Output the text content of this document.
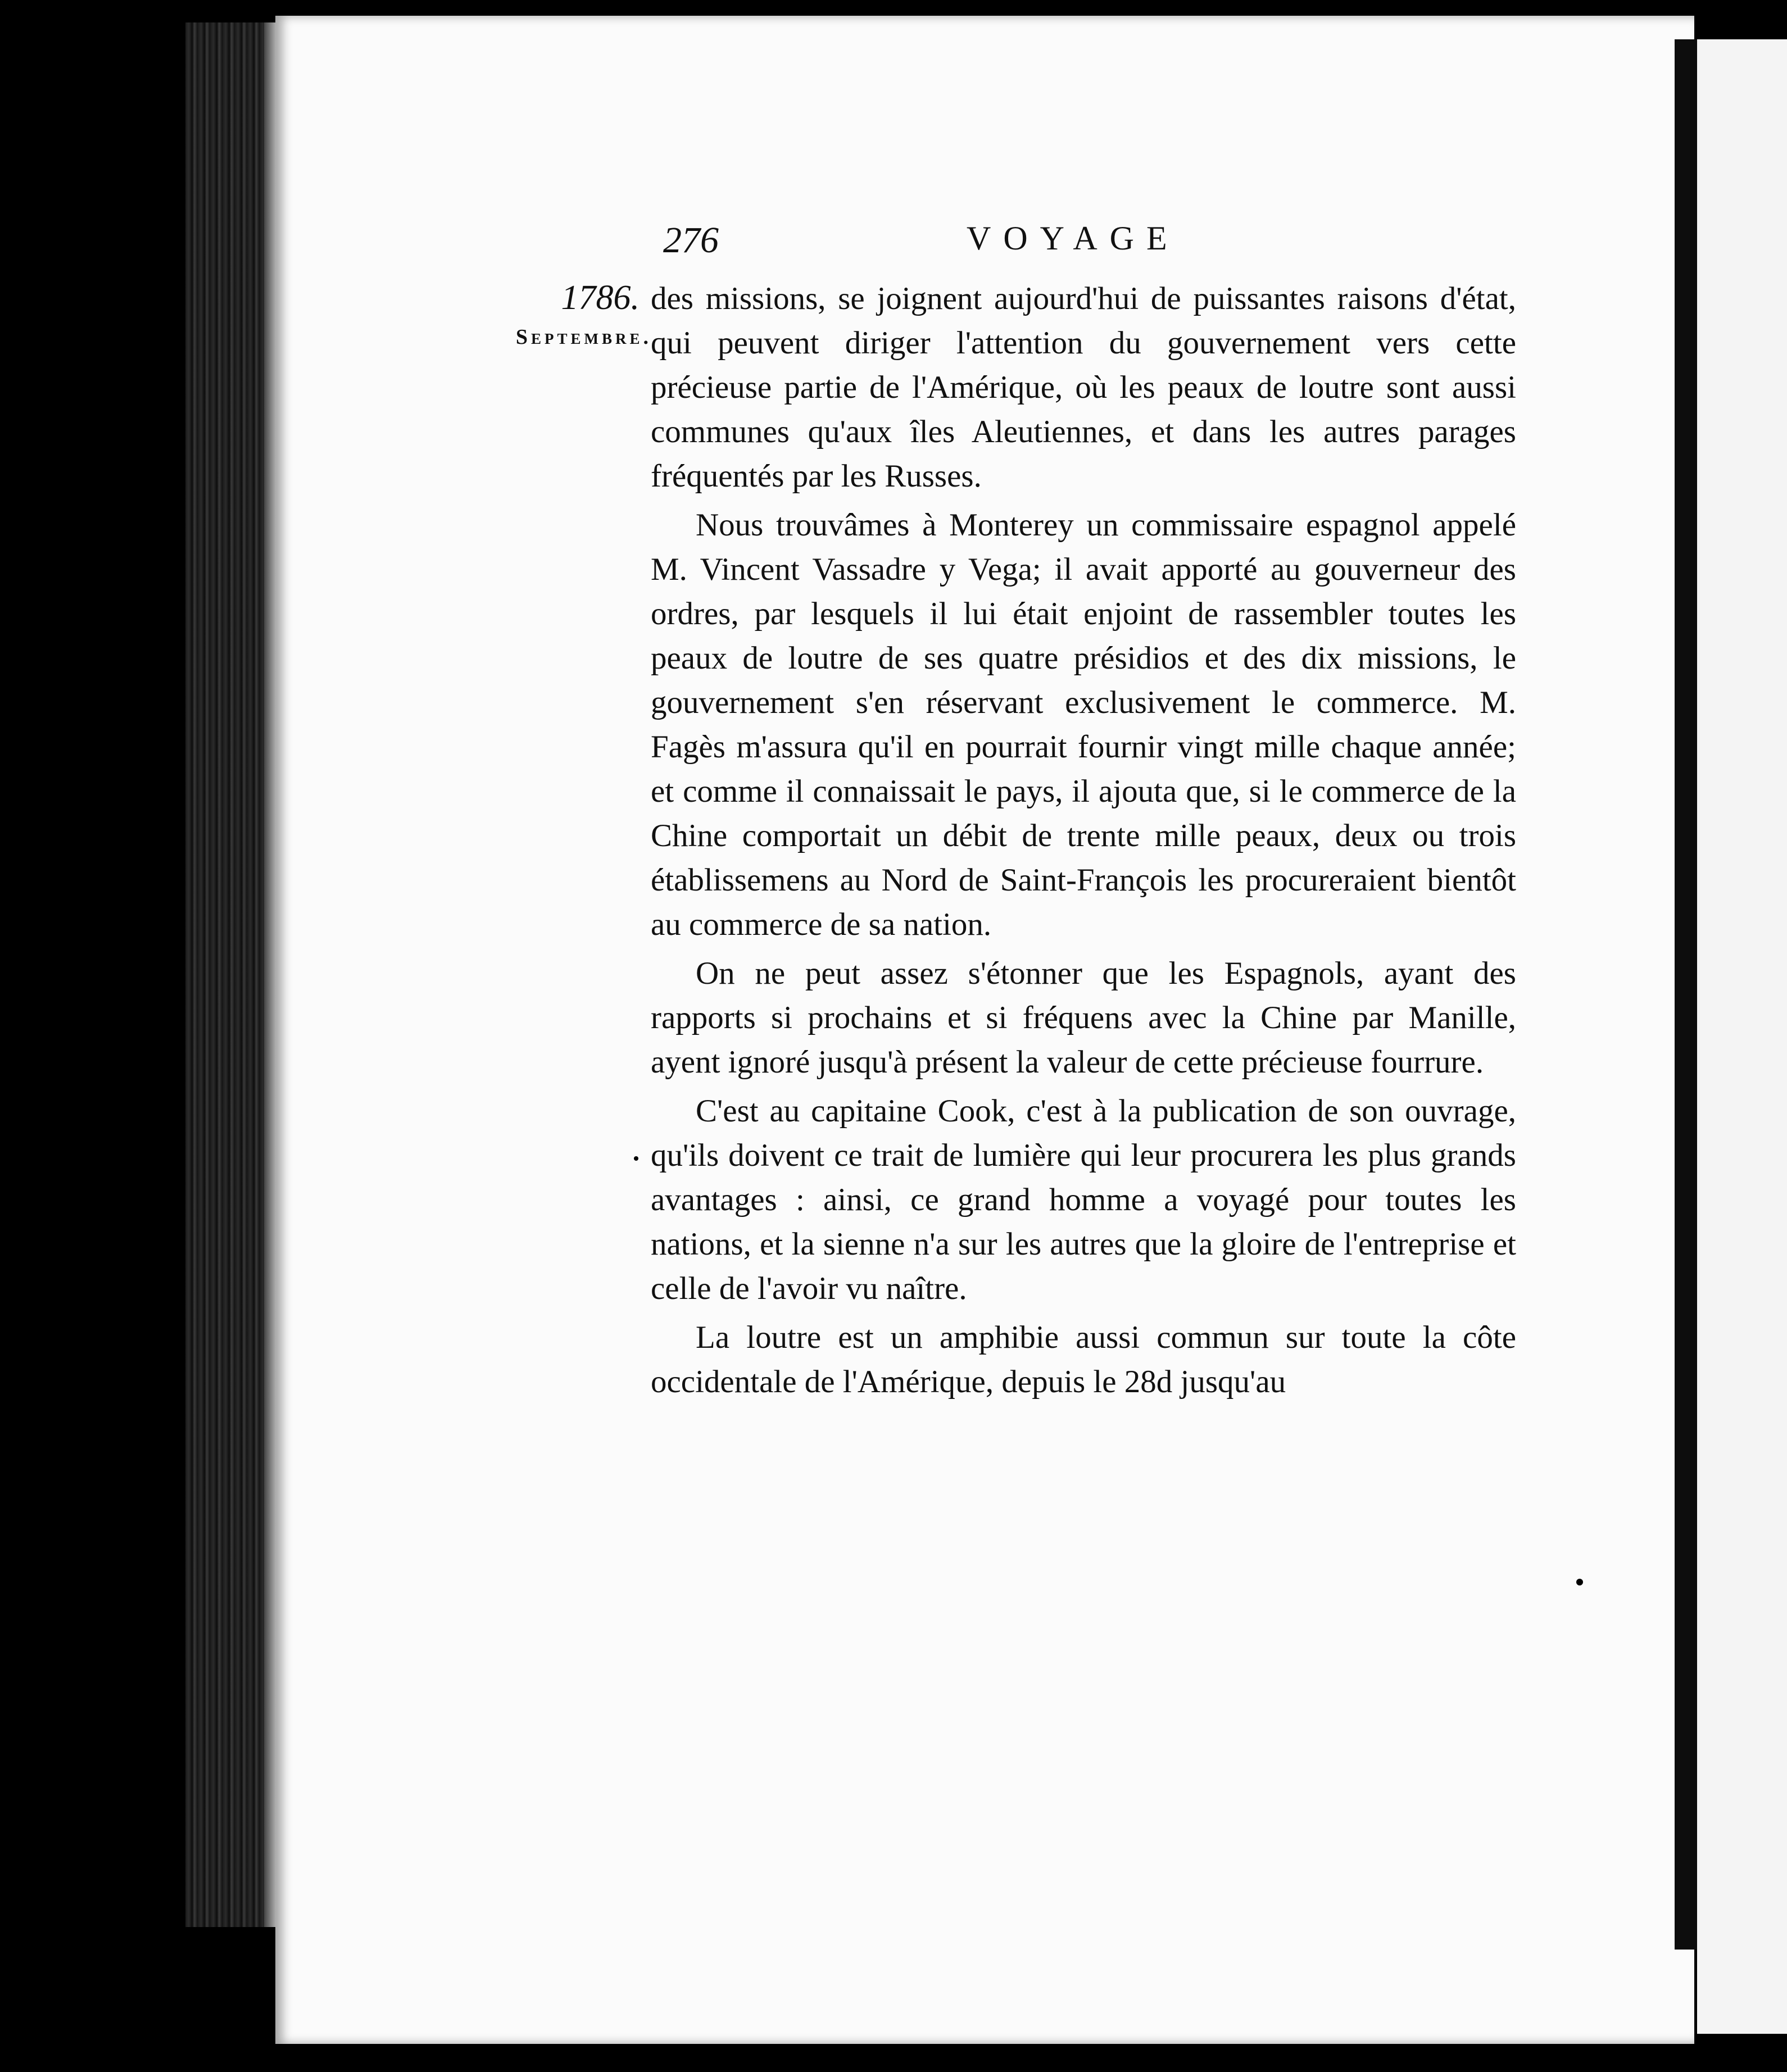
276	VOYAGE
1786.
Septembre.

des missions, se joignent aujourd'hui de puissantes raisons d'état, qui peuvent diriger l'attention du gouvernement vers cette précieuse partie de l'Amérique, où les peaux de loutre sont aussi communes qu'aux îles Aleutiennes, et dans les autres parages fréquentés par les Russes.

Nous trouvâmes à Monterey un commissaire espagnol appelé M. Vincent Vassadre y Vega; il avait apporté au gouverneur des ordres, par lesquels il lui était enjoint de rassembler toutes les peaux de loutre de ses quatre présidios et des dix missions, le gouvernement s'en réservant exclusivement le commerce. M. Fagès m'assura qu'il en pourrait fournir vingt mille chaque année; et comme il connaissait le pays, il ajouta que, si le commerce de la Chine comportait un débit de trente mille peaux, deux ou trois établissemens au Nord de Saint-François les procureraient bientôt au commerce de sa nation.

On ne peut assez s'étonner que les Espagnols, ayant des rapports si prochains et si fréquens avec la Chine par Manille, ayent ignoré jusqu'à présent la valeur de cette précieuse fourrure.

C'est au capitaine Cook, c'est à la publication de son ouvrage, qu'ils doivent ce trait de lumière qui leur procurera les plus grands avantages : ainsi, ce grand homme a voyagé pour toutes les nations, et la sienne n'a sur les autres que la gloire de l'entreprise et celle de l'avoir vu naître.

La loutre est un amphibie aussi commun sur toute la côte occidentale de l'Amérique, depuis le 28d jusqu'au
